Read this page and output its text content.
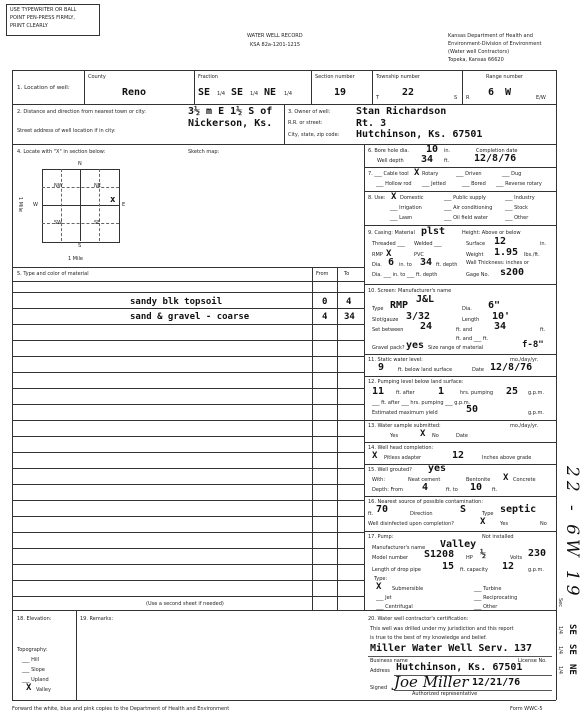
USE TYPEWRITER OR BALL
POINT PEN-PRESS FIRMLY,
PRINT CLEARLY
WATER WELL RECORD
KSA 82a-1201-1215
Kansas Department of Health and
Environment-Division of Environment
(Water well Contractors)
Topeka, Kansas 66620
1. Location of well:
County
Reno
Fraction
SE 1/4 SE 1/4 NE 1/4
Section number
19
Township number
T 22	S
Range number
R 6 W	E/W
2. Distance and direction from nearest town or city:	3½ m E 1½ S of
Nickerson, Ks.
Street address of well location if in city:
3. Owner of well:	Stan Richardson
R.R. or street:	Rt. 3
City, state, zip code: Hutchinson, Ks. 67501
4. Locate with "X" in section below:	Sketch map:
N
S
W	E
NW	NE
SW	SE
x
1 Mile
1 Mile
6. Bore hole dia. 10 in.	Completion date
Well depth 34 ft. 12/8/76
7. ___ Cable tool X Rotary	___ Driven	___ Dug
___ Hollow rod ___ Jetted	___ Bored ___ Reverse rotary
8. Use: X Domestic	___ Public supply	___ Industry
___ Irrigation	___ Air conditioning	___ Stock
___ Lawn	___ Oil field water	___ Other
9. Casing: Material plst	Height: Above or below
Threaded ___ Welded ___	Surface 12	in.
RMP X	PVC	Weight 1.95 lbs./ft.
Dia. 6 in. to 34 ft. depth Wall Thickness: inches or
Dia. ___ in. to ___ ft. depth	Gage No. s200
10. Screen: Manufacturer's name
J&L
Type RMP	Dia. 6"
Slot/gauze 3/32	Length 10'
Set between 24	ft. and 34	ft.
ft. and ___ ft.
Gravel pack? yes Size range of material	f-8"
11. Static water level:	mo./day/yr.
9	ft. below land surface	Date 12/8/76
12. Pumping level below land surface:
11 ft. after 1	hrs. pumping 25 g.p.m.
___ ft. after ___ hrs. pumping ___ g.p.m.
Estimated maximum yield	50	g.p.m.
13. Water sample submitted:	mo./day/yr.
Yes X No	Date
14. Well head completion:
X Pitless adapter	12	Inches above grade
15. Well grouted? yes
With:	Neat cement	Bentonite X Concrete
Depth: From 4	ft. to 10 ft.
16. Nearest source of possible contamination:
ft. 70	Direction	S	Type septic
Well disinfected upon completion?	X	Yes	No
17. Pump:	Not installed
Manufacturer's name Valley
Model number S1208 HP ½	Volts 230
Length of drop pipe 15 ft. capacity 12	g.p.m.
Type:
X Submersible	___ Turbine
___ Jet	___ Reciprocating
___ Centrifugal	___ Other
5. Type and color of material	From	To
sandy blk topsoil	0 4
sand & gravel - coarse	4 34
(Use a second sheet if needed)
18. Elevation:
Topography:
___ Hill
___ Slope
___ Upland
X Valley
19. Remarks:	20. Water well contractor's certification:
This well was drilled under my jurisdiction and this report
is true to the best of my knowledge and belief.
Miller Water Well Serv. 137
Business name	License No.
Address Hutchinson, Ks. 67501
Signed Joe Miller 12/21/76
Authorized representative
Forward the white, blue and pink copies to the Department of Health and Environment	Form WWC-5
22 - 6W 19
Sec
SE
1/4
SE
1/4
NE
1/4
